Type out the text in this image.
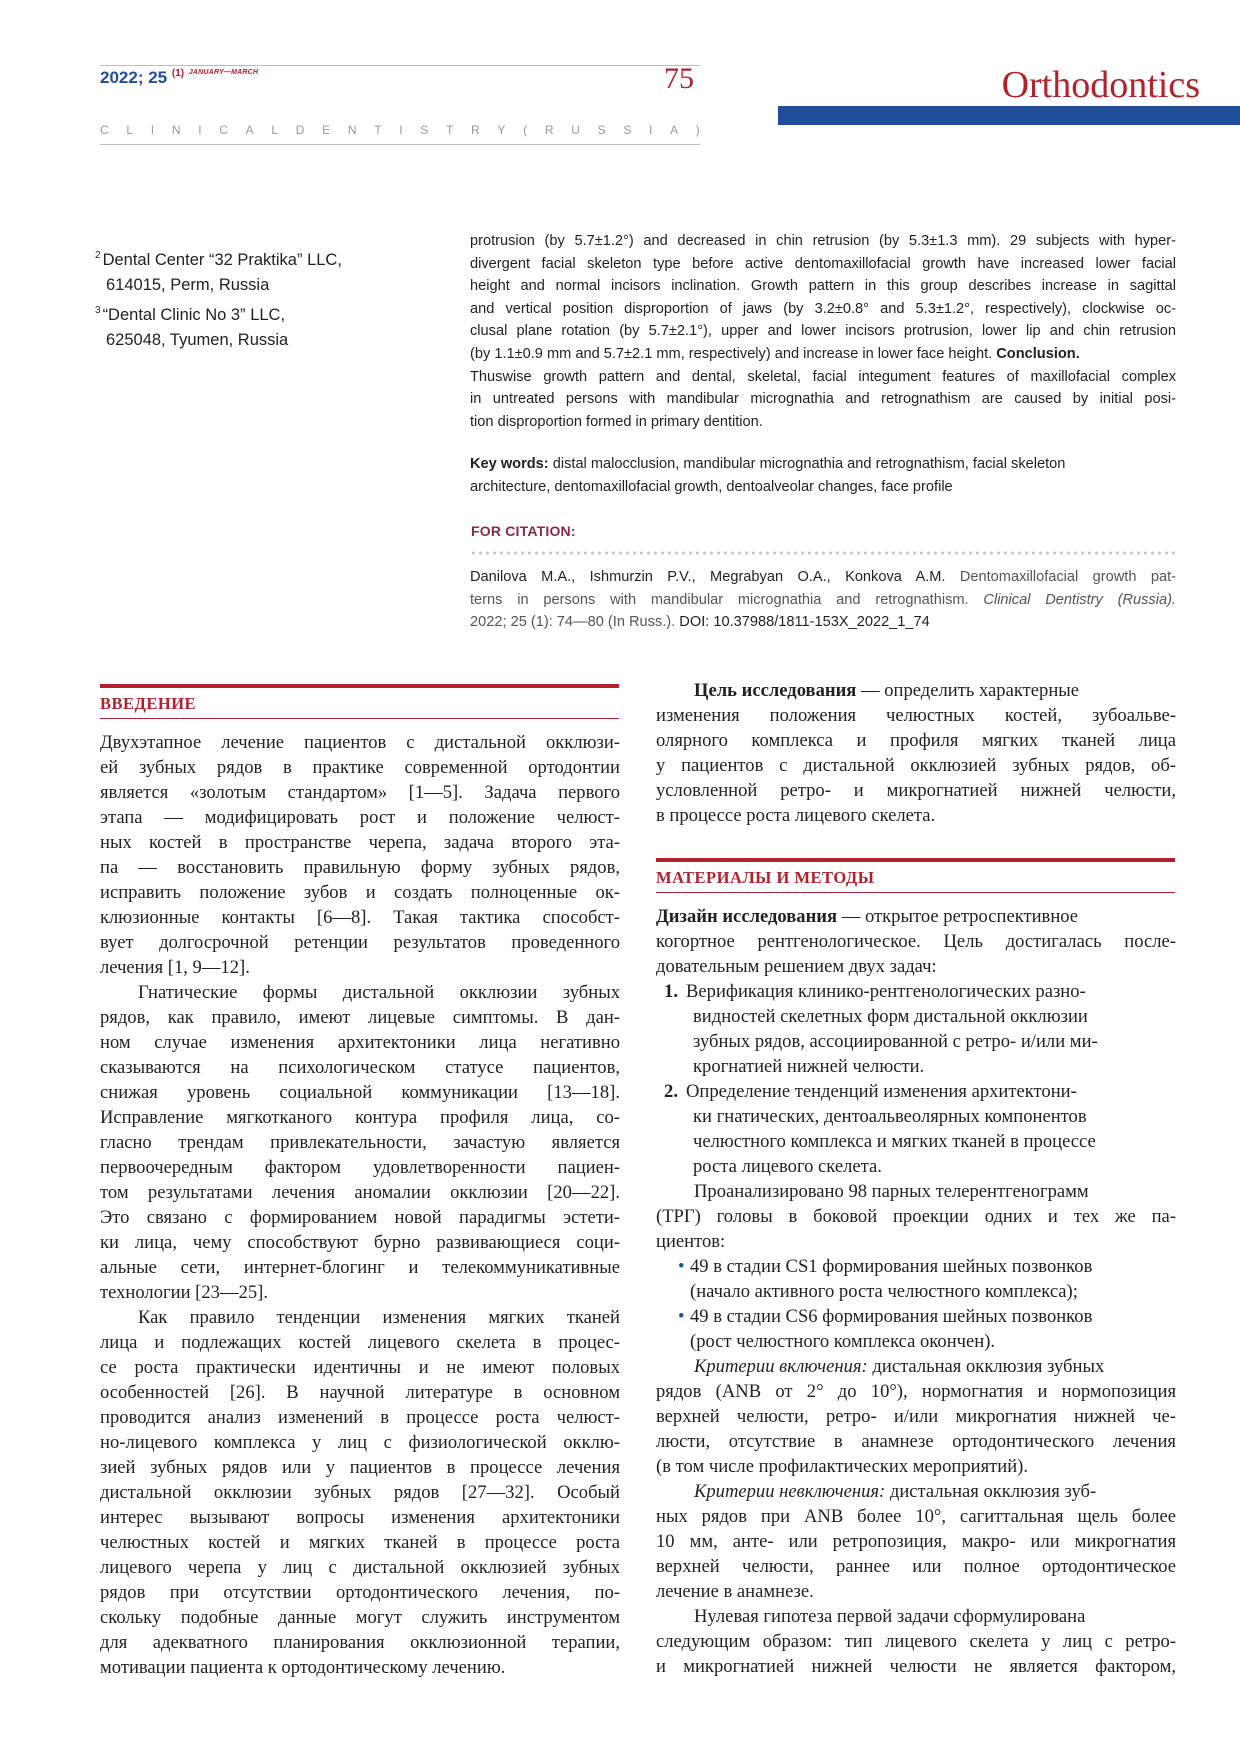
2022; 25 $^{(1)}$ $^{JANUARY—MARCH}$	75
C L I N I C A L D E N T I S T R Y ( R U S S I A )
Orthodontics
$^2$ Dental Center “32 Praktika” LLC,
614015, Perm, Russia
$^3$ “Dental Clinic No 3” LLC,
625048, Tyumen, Russia
protrusion (by 5.7±1.2°) and decreased in chin retrusion (by 5.3±1.3 mm). 29 subjects with hyper-
divergent facial skeleton type before active dentomaxillofacial growth have increased lower facial
height and normal incisors inclination. Growth pattern in this group describes increase in sagittal
and vertical position disproportion of jaws (by 3.2±0.8° and 5.3±1.2°, respectively), clockwise oc-
clusal plane rotation (by 5.7±2.1°), upper and lower incisors protrusion, lower lip and chin retrusion
(by 1.1±0.9 mm and 5.7±2.1 mm, respectively) and increase in lower face height. Conclusion.
Thuswise growth pattern and dental, skeletal, facial integument features of maxillofacial complex
in untreated persons with mandibular micrognathia and retrognathism are caused by initial posi-
tion disproportion formed in primary dentition.
Key words: distal malocclusion, mandibular micrognathia and retrognathism, facial skeleton
architecture, dentomaxillofacial growth, dentoalveolar changes, face profile
FOR CITATION:
Danilova M.A., Ishmurzin P.V., Megrabyan O.A., Konkova A.M. Dentomaxillofacial growth pat-
terns in persons with mandibular micrognathia and retrognathism. Clinical Dentistry (Russia).
2022; 25 (1): 74—80 (In Russ.). DOI: 10.37988/1811-153X_2022_1_74
ВВЕДЕНИЕ
Двухэтапное лечение пациентов с дистальной окклюзи-
ей зубных рядов в практике современной ортодонтии
является «золотым стандартом» [1—5]. Задача первого
этапа — модифицировать рост и положение челюст-
ных костей в пространстве черепа, задача второго эта-
па — восстановить правильную форму зубных рядов,
исправить положение зубов и создать полноценные ок-
клюзионные контакты [6—8]. Такая тактика способст-
вует долгосрочной ретенции результатов проведенного
лечения [1, 9—12].
Гнатические формы дистальной окклюзии зубных
рядов, как правило, имеют лицевые симптомы. В дан-
ном случае изменения архитектоники лица негативно
сказываются на психологическом статусе пациентов,
снижая уровень социальной коммуникации [13—18].
Исправление мягкотканого контура профиля лица, со-
гласно трендам привлекательности, зачастую является
первоочередным фактором удовлетворенности пациен-
том результатами лечения аномалии окклюзии [20—22].
Это связано с формированием новой парадигмы эстети-
ки лица, чему способствуют бурно развивающиеся соци-
альные сети, интернет-блогинг и телекоммуникативные
технологии [23—25].
Как правило тенденции изменения мягких тканей
лица и подлежащих костей лицевого скелета в процес-
се роста практически идентичны и не имеют половых
особенностей [26]. В научной литературе в основном
проводится анализ изменений в процессе роста челюст-
но-лицевого комплекса у лиц с физиологической окклю-
зией зубных рядов или у пациентов в процессе лечения
дистальной окклюзии зубных рядов [27—32]. Особый
интерес вызывают вопросы изменения архитектоники
челюстных костей и мягких тканей в процессе роста
лицевого черепа у лиц с дистальной окклюзией зубных
рядов при отсутствии ортодонтического лечения, по-
скольку подобные данные могут служить инструментом
для адекватного планирования окклюзионной терапии,
мотивации пациента к ортодонтическому лечению.
Цель исследования — определить характерные
изменения положения челюстных костей, зубоальве-
олярного комплекса и профиля мягких тканей лица
у пациентов с дистальной окклюзией зубных рядов, об-
условленной ретро- и микрогнатией нижней челюсти,
в процессе роста лицевого скелета.
МАТЕРИАЛЫ И МЕТОДЫ
Дизайн исследования — открытое ретроспективное
когортное рентгенологическое. Цель достигалась после-
довательным решением двух задач:
1. Верификация клинико-рентгенологических разно-
видностей скелетных форм дистальной окклюзии
зубных рядов, ассоциированной с ретро- и/или ми-
крогнатией нижней челюсти.
2. Определение тенденций изменения архитектони-
ки гнатических, дентоальвеолярных компонентов
челюстного комплекса и мягких тканей в процессе
роста лицевого скелета.
Проанализировано 98 парных телерентгенограмм
(ТРГ) головы в боковой проекции одних и тех же па-
циентов:
• 49 в стадии CS1 формирования шейных позвонков
(начало активного роста челюстного комплекса);
• 49 в стадии CS6 формирования шейных позвонков
(рост челюстного комплекса окончен).
Критерии включения: дистальная окклюзия зубных
рядов (ANB от 2° до 10°), нормогнатия и нормопозиция
верхней челюсти, ретро- и/или микрогнатия нижней че-
люсти, отсутствие в анамнезе ортодонтического лечения
(в том числе профилактических мероприятий).
Критерии невключения: дистальная окклюзия зуб-
ных рядов при ANB более 10°, сагиттальная щель более
10 мм, анте- или ретропозиция, макро- или микрогнатия
верхней челюсти, раннее или полное ортодонтическое
лечение в анамнезе.
Нулевая гипотеза первой задачи сформулирована
следующим образом: тип лицевого скелета у лиц с ретро-
и микрогнатией нижней челюсти не является фактором,
